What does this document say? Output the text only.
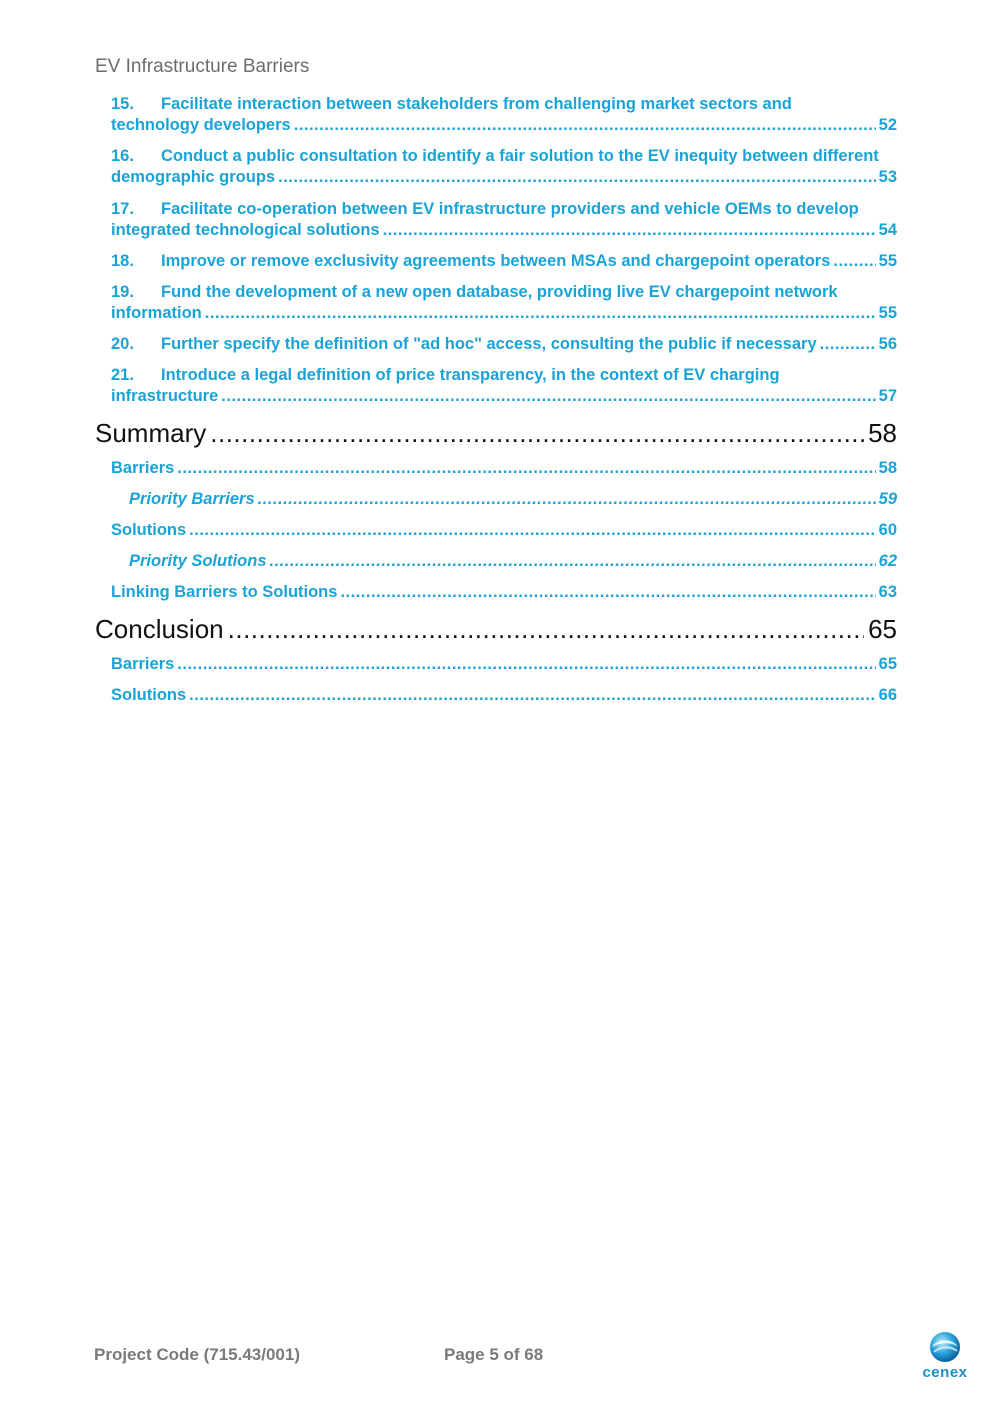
EV Infrastructure Barriers
15. Facilitate interaction between stakeholders from challenging market sectors and
technology developers .....	52
16. Conduct a public consultation to identify a fair solution to the EV inequity between different
demographic groups .....	53
17. Facilitate co-operation between EV infrastructure providers and vehicle OEMs to develop
integrated technological solutions .....	54
18.	Improve or remove exclusivity agreements between MSAs and chargepoint operators .....	55
19. Fund the development of a new open database, providing live EV chargepoint network
information .....	55
20.	Further specify the definition of "ad hoc" access, consulting the public if necessary .....	56
21. Introduce a legal definition of price transparency, in the context of EV charging
infrastructure .....	57
Summary .....	58
Barriers .....	58
Priority Barriers .....	59
Solutions .....	60
Priority Solutions .....	62
Linking Barriers to Solutions .....	63
Conclusion .....	65
Barriers .....	65
Solutions .....	66
Project Code (715.43/001)	Page 5 of 68
cenex
